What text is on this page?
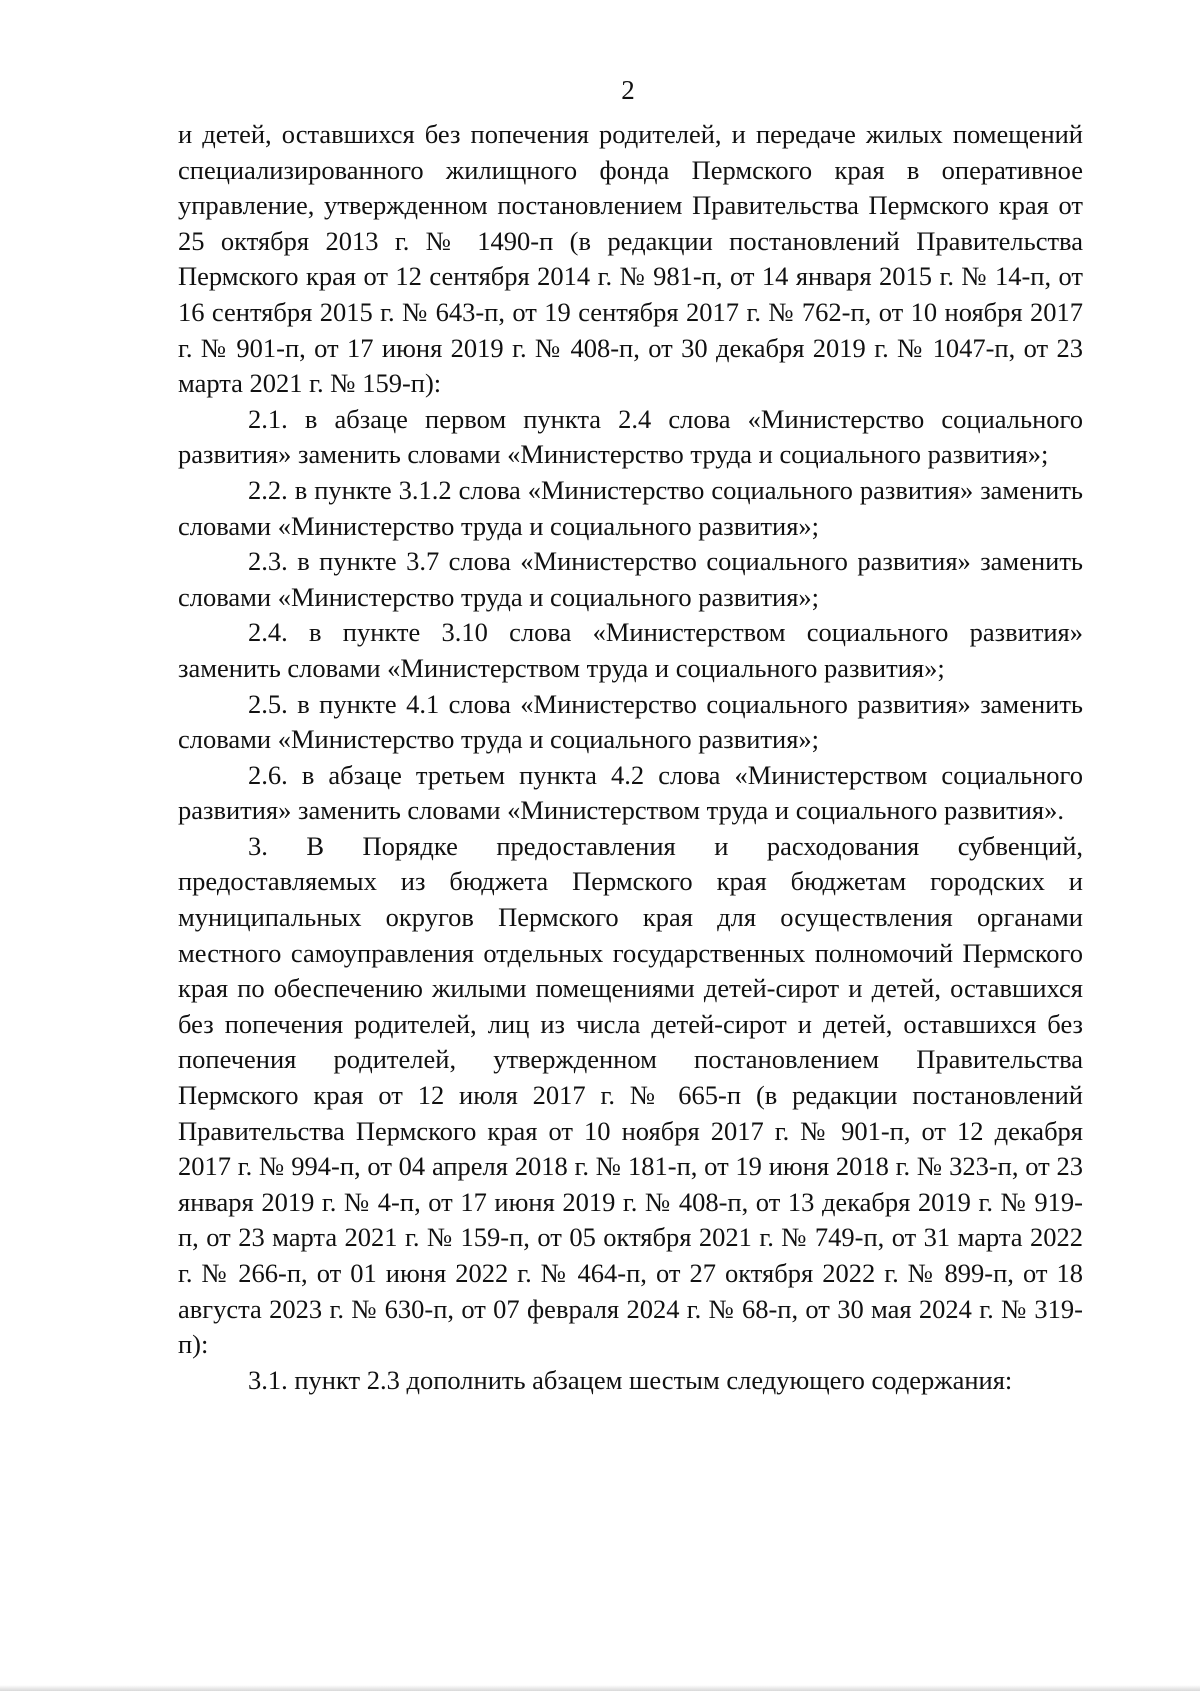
2

и детей, оставшихся без попечения родителей, и передаче жилых помещений специализированного жилищного фонда Пермского края в оперативное управление, утвержденном постановлением Правительства Пермского края от 25 октября 2013 г. № 1490-п (в редакции постановлений Правительства Пермского края от 12 сентября 2014 г. № 981-п, от 14 января 2015 г. № 14-п, от 16 сентября 2015 г. № 643-п, от 19 сентября 2017 г. № 762-п, от 10 ноября 2017 г. № 901-п, от 17 июня 2019 г. № 408-п, от 30 декабря 2019 г. № 1047-п, от 23 марта 2021 г. № 159-п):

2.1. в абзаце первом пункта 2.4 слова «Министерство социального развития» заменить словами «Министерство труда и социального развития»;

2.2. в пункте 3.1.2 слова «Министерство социального развития» заменить словами «Министерство труда и социального развития»;

2.3. в пункте 3.7 слова «Министерство социального развития» заменить словами «Министерство труда и социального развития»;

2.4. в пункте 3.10 слова «Министерством социального развития» заменить словами «Министерством труда и социального развития»;

2.5. в пункте 4.1 слова «Министерство социального развития» заменить словами «Министерство труда и социального развития»;

2.6. в абзаце третьем пункта 4.2 слова «Министерством социального развития» заменить словами «Министерством труда и социального развития».

3. В Порядке предоставления и расходования субвенций, предоставляемых из бюджета Пермского края бюджетам городских и муниципальных округов Пермского края для осуществления органами местного самоуправления отдельных государственных полномочий Пермского края по обеспечению жилыми помещениями детей-сирот и детей, оставшихся без попечения родителей, лиц из числа детей-сирот и детей, оставшихся без попечения родителей, утвержденном постановлением Правительства Пермского края от 12 июля 2017 г. № 665-п (в редакции постановлений Правительства Пермского края от 10 ноября 2017 г. № 901-п, от 12 декабря 2017 г. № 994-п, от 04 апреля 2018 г. № 181-п, от 19 июня 2018 г. № 323-п, от 23 января 2019 г. № 4-п, от 17 июня 2019 г. № 408-п, от 13 декабря 2019 г. № 919-п, от 23 марта 2021 г. № 159-п, от 05 октября 2021 г. № 749-п, от 31 марта 2022 г. № 266-п, от 01 июня 2022 г. № 464-п, от 27 октября 2022 г. № 899-п, от 18 августа 2023 г. № 630-п, от 07 февраля 2024 г. № 68-п, от 30 мая 2024 г. № 319-п):

3.1. пункт 2.3 дополнить абзацем шестым следующего содержания:
